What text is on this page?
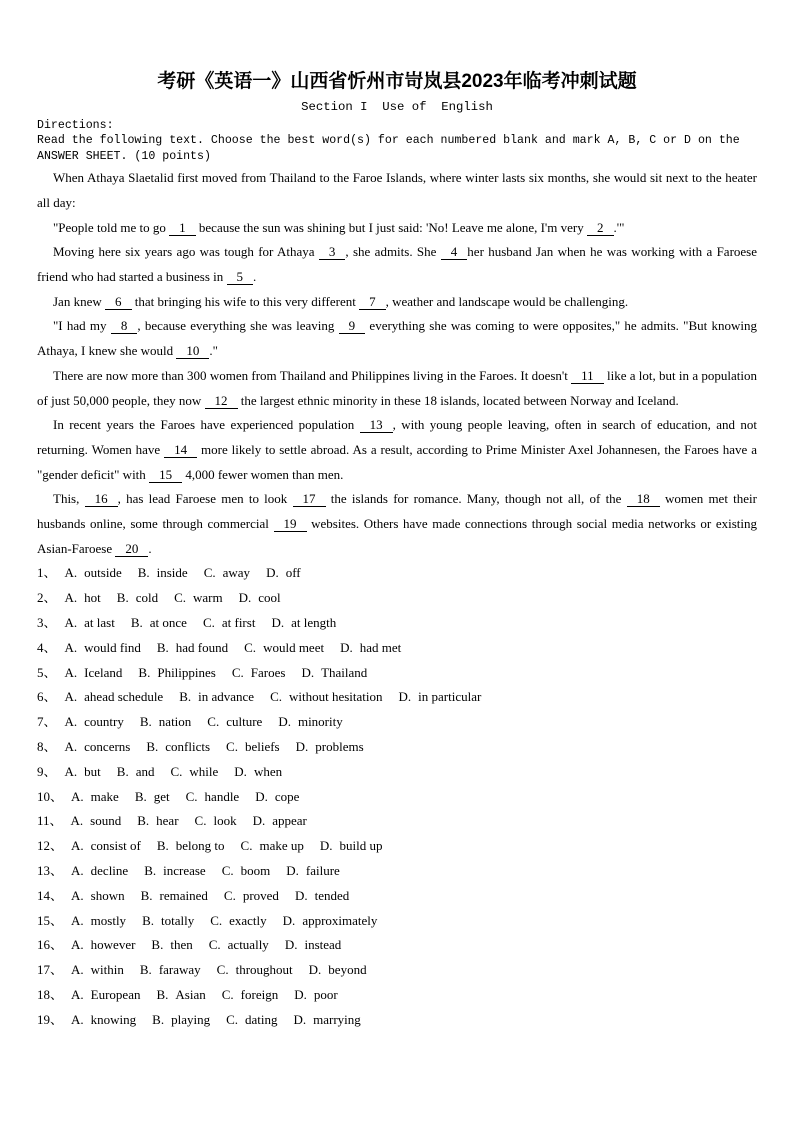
考研《英语一》山西省忻州市岢岚县2023年临考冲刺试题
Section I  Use of  English
Directions:
Read the following text. Choose the best word(s) for each numbered blank and mark A, B, C or D on the ANSWER SHEET. (10 points)

When Athaya Slaetalid first moved from Thailand to the Faroe Islands, where winter lasts six months, she would sit next to the heater all day:

"People told me to go 1 because the sun was shining but I just said: 'No! Leave me alone, I'm very 2 .'"

Moving here six years ago was tough for Athaya 3 , she admits. She 4 her husband Jan when he was working with a Faroese friend who had started a business in 5 .

Jan knew 6 that bringing his wife to this very different 7 , weather and landscape would be challenging.

"I had my 8 , because everything she was leaving 9 everything she was coming to were opposites," he admits. "But knowing Athaya, I knew she would 10 ."

There are now more than 300 women from Thailand and Philippines living in the Faroes. It doesn't 11 like a lot, but in a population of just 50,000 people, they now 12 the largest ethnic minority in these 18 islands, located between Norway and Iceland.

In recent years the Faroes have experienced population 13 , with young people leaving, often in search of education, and not returning. Women have 14 more likely to settle abroad. As a result, according to Prime Minister Axel Johannesen, the Faroes have a "gender deficit" with 15 4,000 fewer women than men.

This, 16 , has lead Faroese men to look 17 the islands for romance. Many, though not all, of the 18 women met their husbands online, some through commercial 19 websites. Others have made connections through social media networks or existing Asian-Faroese 20 .

1、 A. outside B. inside C. away D. off
2、 A. hot B. cold C. warm D. cool
3、 A. at last B. at once C. at first D. at length
4、 A. would find B. had found C. would meet D. had met
5、 A. Iceland B. Philippines C. Faroes D. Thailand
6、 A. ahead schedule B. in advance C. without hesitation D. in particular
7、 A. country B. nation C. culture D. minority
8、 A. concerns B. conflicts C. beliefs D. problems
9、 A. but B. and C. while D. when
10、 A. make B. get C. handle D. cope
11、 A. sound B. hear C. look D. appear
12、 A. consist of B. belong to C. make up D. build up
13、 A. decline B. increase C. boom D. failure
14、 A. shown B. remained C. proved D. tended
15、 A. mostly B. totally C. exactly D. approximately
16、 A. however B. then C. actually D. instead
17、 A. within B. faraway C. throughout D. beyond
18、 A. European B. Asian C. foreign D. poor
19、 A. knowing B. playing C. dating D. marrying
